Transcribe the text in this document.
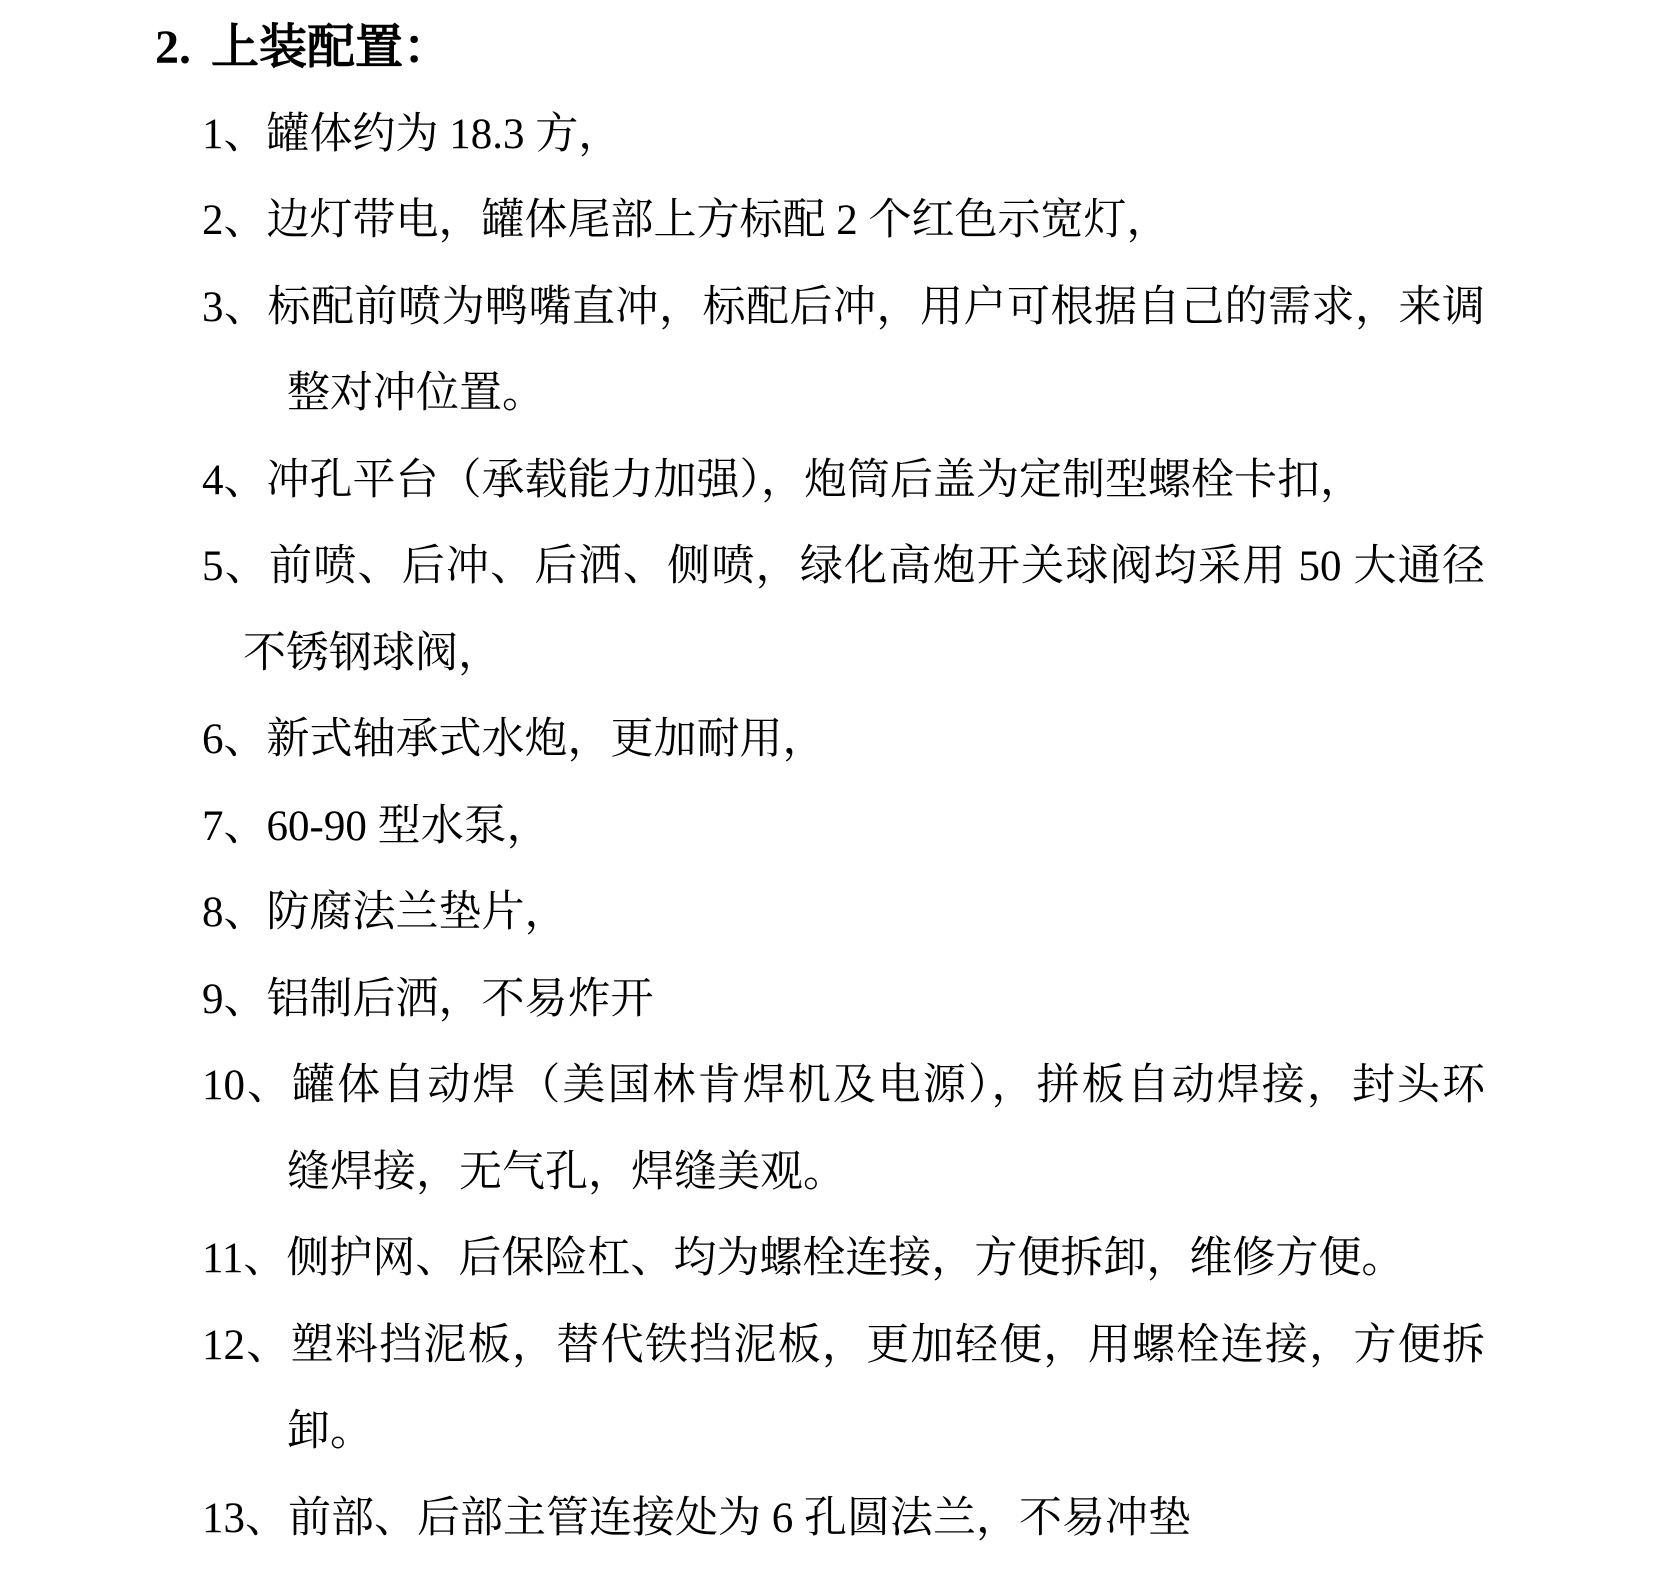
2. 上装配置：
1、罐体约为 18.3 方，
2、边灯带电，罐体尾部上方标配 2 个红色示宽灯，
3、标配前喷为鸭嘴直冲，标配后冲，用户可根据自己的需求，来调
整对冲位置。
4、冲孔平台（承载能力加强），炮筒后盖为定制型螺栓卡扣，
5、前喷、后冲、后洒、侧喷，绿化高炮开关球阀均采用 50 大通径
不锈钢球阀，
6、新式轴承式水炮，更加耐用，
7、60-90 型水泵，
8、防腐法兰垫片，
9、铝制后洒，不易炸开
10、罐体自动焊（美国林肯焊机及电源），拼板自动焊接，封头环
缝焊接，无气孔，焊缝美观。
11、侧护网、后保险杠、均为螺栓连接，方便拆卸，维修方便。
12、塑料挡泥板，替代铁挡泥板，更加轻便，用螺栓连接，方便拆
卸。
13、前部、后部主管连接处为 6 孔圆法兰，不易冲垫
